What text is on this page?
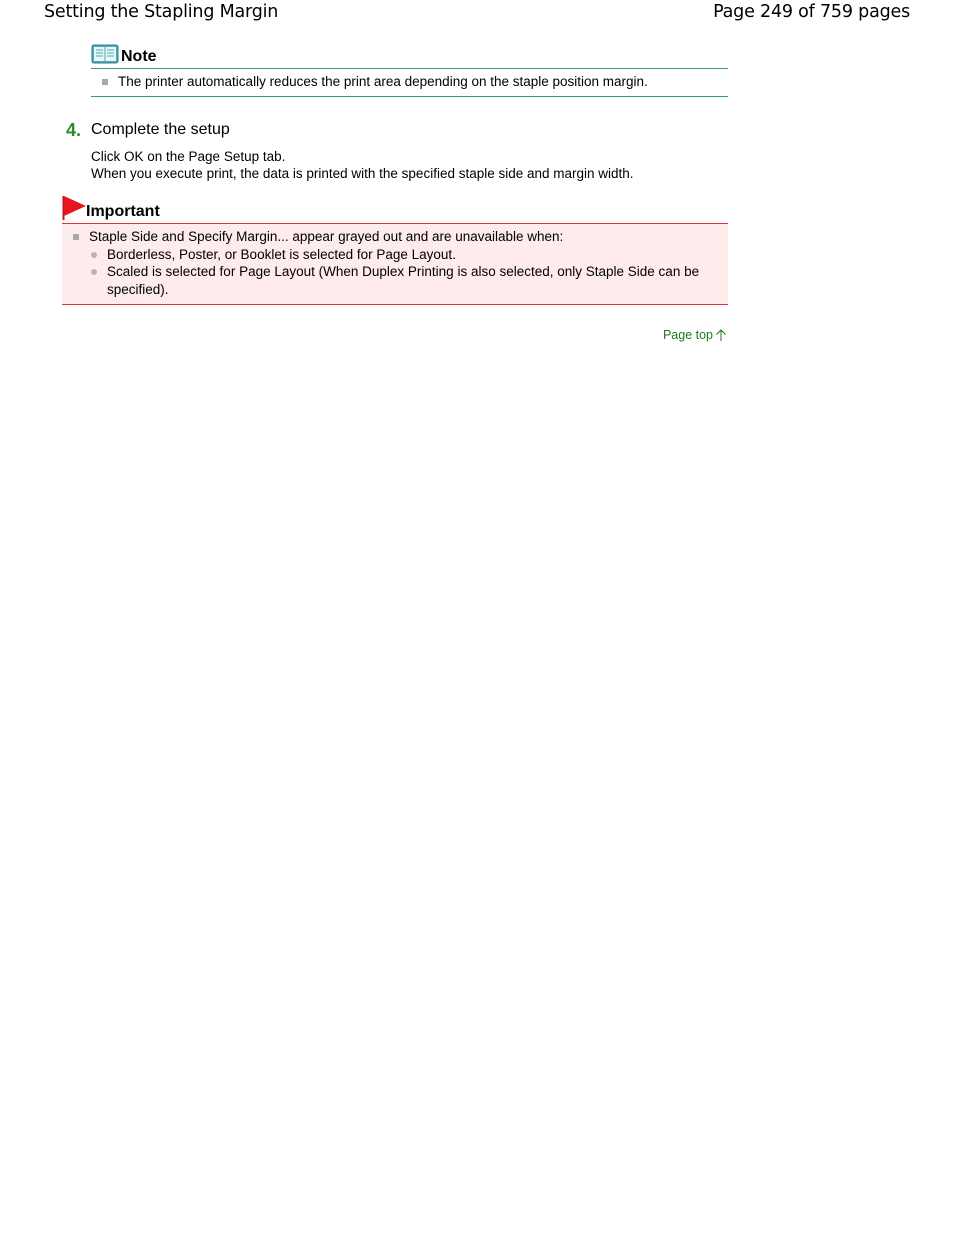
Setting the Stapling Margin	Page 249 of 759 pages
Note
The printer automatically reduces the print area depending on the staple position margin.
4. Complete the setup
Click OK on the Page Setup tab.
When you execute print, the data is printed with the specified staple side and margin width.
Important
Staple Side and Specify Margin... appear grayed out and are unavailable when:
Borderless, Poster, or Booklet is selected for Page Layout.
Scaled is selected for Page Layout (When Duplex Printing is also selected, only Staple Side can be specified).
Page top
